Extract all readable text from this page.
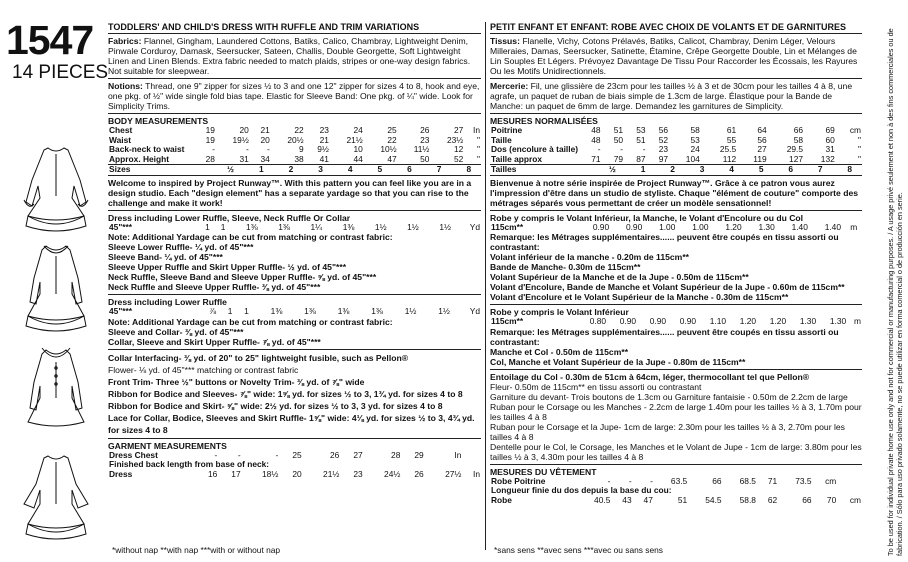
1547
14 PIECES
TODDLERS' AND CHILD'S DRESS WITH RUFFLE AND TRIM VARIATIONS

Fabrics: Flannel, Gingham, Laundered Cottons, Batiks, Calico, Chambray, Lightweight Denim, Pinwale Corduroy, Damask, Seersucker, Sateen, Challis, Double Georgette, Soft Lightweight Linen and Linen Blends. Extra fabric needed to match plaids, stripes or one-way design fabrics. Not suitable for sleepwear.

Notions: Thread, one 9" zipper for sizes ½ to 3 and one 12" zipper for sizes 4 to 8, hook and eye, one pkg. of ½" wide single fold bias tape. Elastic for Sleeve Band: One pkg. of ¼" wide. Look for Simplicity Trims.

BODY MEASUREMENTS
Chest	19	20	21	22	23	24	25	26	27	In
Waist	19	19½	20	20½	21	21½	22	23	23½	"
Back-neck to waist	-	-	-	9	9½	10	10½	11½	12	"
Approx. Height	28	31	34	38	41	44	47	50	52	"
Sizes	½	1	2	3	4	5	6	7	8	

Welcome to inspired by Project Runway™. With this pattern you can feel like you are in a design studio. Each "design element" has a separate yardage so that you can rise to the challenge and make it work!

Dress including Lower Ruffle, Sleeve, Neck Ruffle Or Collar
45"***	1	1	1⅜	1⅜	1¼	1⅜	1½	1½	1½	Yd
Note: Additional Yardage can be cut from matching or contrast fabric:
Sleeve Lower Ruffle- ¼ yd. of 45"***
Sleeve Band- ¼ yd. of 45"***
Sleeve Upper Ruffle and Skirt Upper Ruffle- ½ yd. of 45"***
Neck Ruffle, Sleeve Band and Sleeve Upper Ruffle- ⅝ yd. of 45"***
Neck Ruffle and Sleeve Upper Ruffle- ⅜ yd. of 45"***
Dress including Lower Ruffle
45"***	⅞	1	1	1⅜	1⅜	1⅜	1⅜	1½	1½	Yd
Note: Additional Yardage can be cut from matching or contrast fabric:
Sleeve and Collar- ⅜ yd. of 45"***
Collar, Sleeve and Skirt Upper Ruffle- ⅞ yd. of 45"***
Collar Interfacing- ⅜ yd. of 20" to 25" lightweight fusible, such as Pellon®
Flower- ⅛ yd. of 45"*** matching or contrast fabric
Front Trim- Three ½" buttons or Novelty Trim- ⅜ yd. of ⅞" wide
Ribbon for Bodice and Sleeves- ⅞" wide: 1⅝ yd. for sizes ½ to 3, 1¾ yd. for sizes 4 to 8
Ribbon for Bodice and Skirt- ⅝" wide: 2½ yd. for sizes ½ to 3, 3 yd. for sizes 4 to 8
Lace for Collar, Bodice, Sleeves and Skirt Ruffle- 1⅝" wide: 4⅛ yd. for sizes ½ to 3, 4¾ yd. for sizes 4 to 8
GARMENT MEASUREMENTS
Dress Chest	-	-	-	25	26	27	28	29	In	
Finished back length from base of neck:										
Dress	16	17	18½	20	21½	23	24½	26	27½	In
*without nap **with nap ***with or without nap
PETIT ENFANT ET ENFANT: ROBE AVEC CHOIX DE VOLANTS ET DE GARNITURES

Tissus: Flanelle, Vichy, Cotons Prélavés, Batiks, Calicot, Chambray, Denim Léger, Velours Milleraies, Damas, Seersucker, Satinette, Étamine, Crêpe Georgette Double, Lin et Mélanges de Lin Souples Et Légers. Prévoyez Davantage De Tissu Pour Raccorder les Écossais, les Rayures Ou les Motifs Unidirectionnels.

Mercerie: Fil, une glissière de 23cm pour les tailles ½ à 3 et de 30cm pour les tailles 4 à 8, une agrafe, un paquet de ruban de biais simple de 1.3cm de large. Élastique pour la Bande de Manche: un paquet de 6mm de large. Demandez les garnitures de Simplicity.

MESURES NORMALISÉES
Poitrine	48	51	53	56	58	61	64	66	69	cm
Taille	48	50	51	52	53	55	56	58	60	"
Dos (encolure à taille)	-	-	-	23	24	25.5	27	29.5	31	"
Taille approx	71	79	87	97	104	112	119	127	132	"
Tailles	½	1	2	3	4	5	6	7	8	

Bienvenue à notre série inspirée de Project Runway™. Grâce à ce patron vous aurez l'impression d'être dans un studio de styliste. Chaque "élément de couture" comporte des métrages séparés vous permettant de créer un modèle sensationnel!

Robe y compris le Volant Inférieur, la Manche, le Volant d'Encolure ou du Col
115cm**	0.90	0.90	1.00	1.00	1.20	1.30	1.40	1.40	m	
Remarque: les Métrages supplémentaires...... peuvent être coupés en tissu assorti ou contrastant:
Volant inférieur de la manche - 0.20m de 115cm**
Bande de Manche- 0.30m de 115cm**
Volant Supérieur de la Manche et de la Jupe - 0.50m de 115cm**
Volant d'Encolure, Bande de Manche et Volant Supérieur de la Jupe - 0.60m de 115cm**
Volant d'Encolure et le Volant Supérieur de la Manche - 0.30m de 115cm**
Robe y compris le Volant Inférieur
115cm**	0.80	0.90	0.90	0.90	1.10	1.20	1.20	1.30	1.30	m
Remarque: les Métrages supplémentaires...... peuvent être coupés en tissu assorti ou contrastant:
Manche et Col - 0.50m de 115cm**
Col, Manche et Volant Supérieur de la Jupe - 0.80m de 115cm**
Entoilage du Col - 0.30m de 51cm à 64cm, léger, thermocollant tel que Pellon®
Fleur- 0.50m de 115cm** en tissu assorti ou contrastant
Garniture du devant- Trois boutons de 1.3cm ou Garniture fantaisie - 0.50m de 2.2cm de large
Ruban pour le Corsage ou les Manches - 2.2cm de large 1.40m pour les tailles ½ à 3, 1.70m pour les tailles 4 à 8
Ruban pour le Corsage et la Jupe- 1cm de large: 2.30m pour les tailles ½ à 3, 2.70m pour les tailles 4 à 8
Dentelle pour le Col, le Corsage, les Manches et le Volant de Jupe - 1cm de large: 3.80m pour les tailles ½ à 3, 4.30m pour les tailles 4 à 8
MESURES DU VÊTEMENT
Robe Poitrine	-	-	-	63.5	66	68.5	71	73.5	cm	
Longueur finie du dos depuis la base du cou:										
Robe	40.5	43	47	51	54.5	58.8	62	66	70	cm
*sans sens **avec sens ***avec ou sans sens	To be used for individual private home use only and not for commercial or manufacturing purposes. / A usage privé seulement et non à des fins commerciales ou de fabrication. / Sólo para uso privado solamente, no se puede utilizar en forma comercial o de producción en serie.
